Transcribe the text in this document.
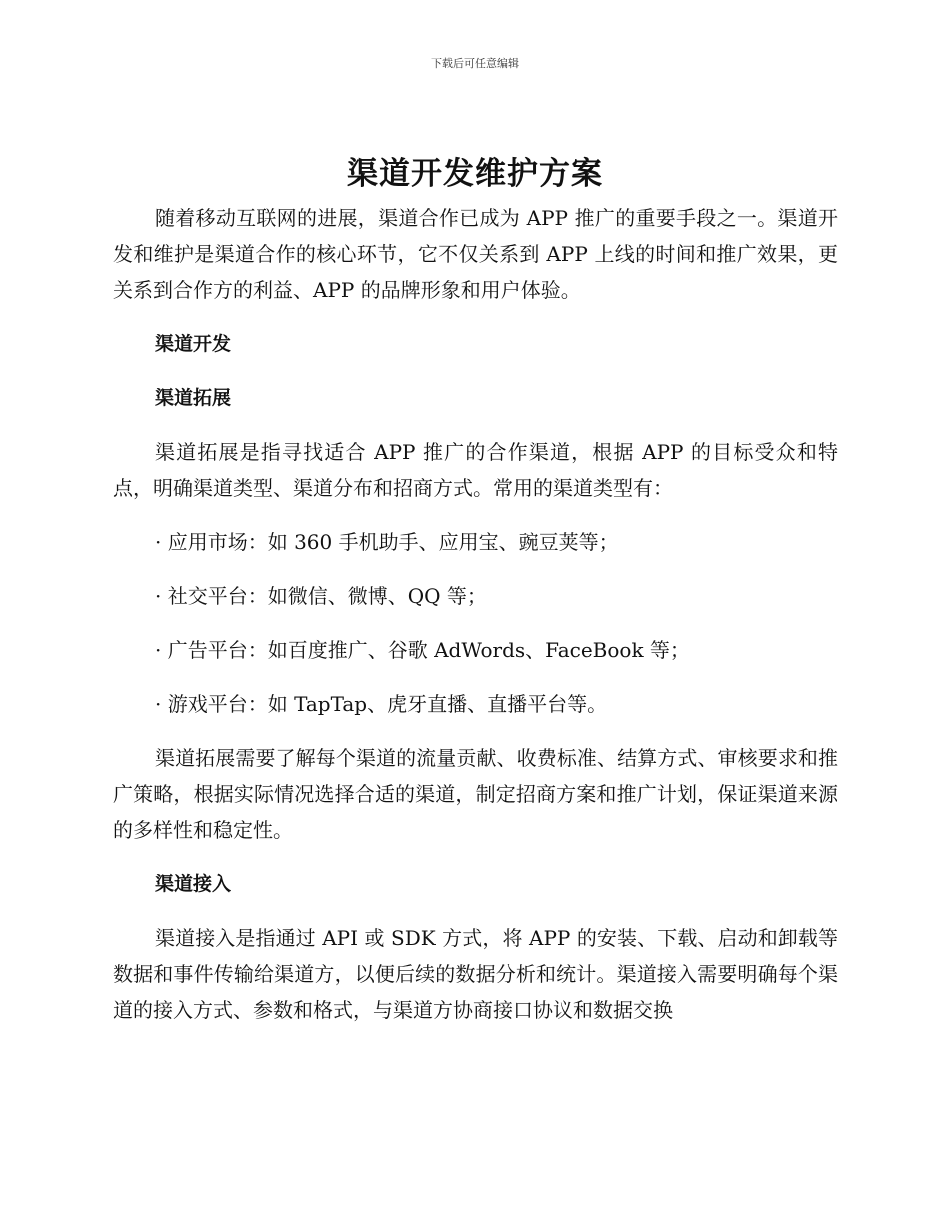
下载后可任意编辑
渠道开发维护方案

随着移动互联网的进展，渠道合作已成为 APP 推广的重要手段之一。渠道开发和维护是渠道合作的核心环节，它不仅关系到 APP 上线的时间和推广效果，更关系到合作方的利益、APP 的品牌形象和用户体验。

渠道开发

渠道拓展

渠道拓展是指寻找适合 APP 推广的合作渠道，根据 APP 的目标受众和特点，明确渠道类型、渠道分布和招商方式。常用的渠道类型有：

· 应用市场：如 360 手机助手、应用宝、豌豆荚等；

· 社交平台：如微信、微博、QQ 等；

· 广告平台：如百度推广、谷歌 AdWords、FaceBook 等；

· 游戏平台：如 TapTap、虎牙直播、直播平台等。

渠道拓展需要了解每个渠道的流量贡献、收费标准、结算方式、审核要求和推广策略，根据实际情况选择合适的渠道，制定招商方案和推广计划，保证渠道来源的多样性和稳定性。

渠道接入

渠道接入是指通过 API 或 SDK 方式，将 APP 的安装、下载、启动和卸载等数据和事件传输给渠道方，以便后续的数据分析和统计。渠道接入需要明确每个渠道的接入方式、参数和格式，与渠道方协商接口协议和数据交换
